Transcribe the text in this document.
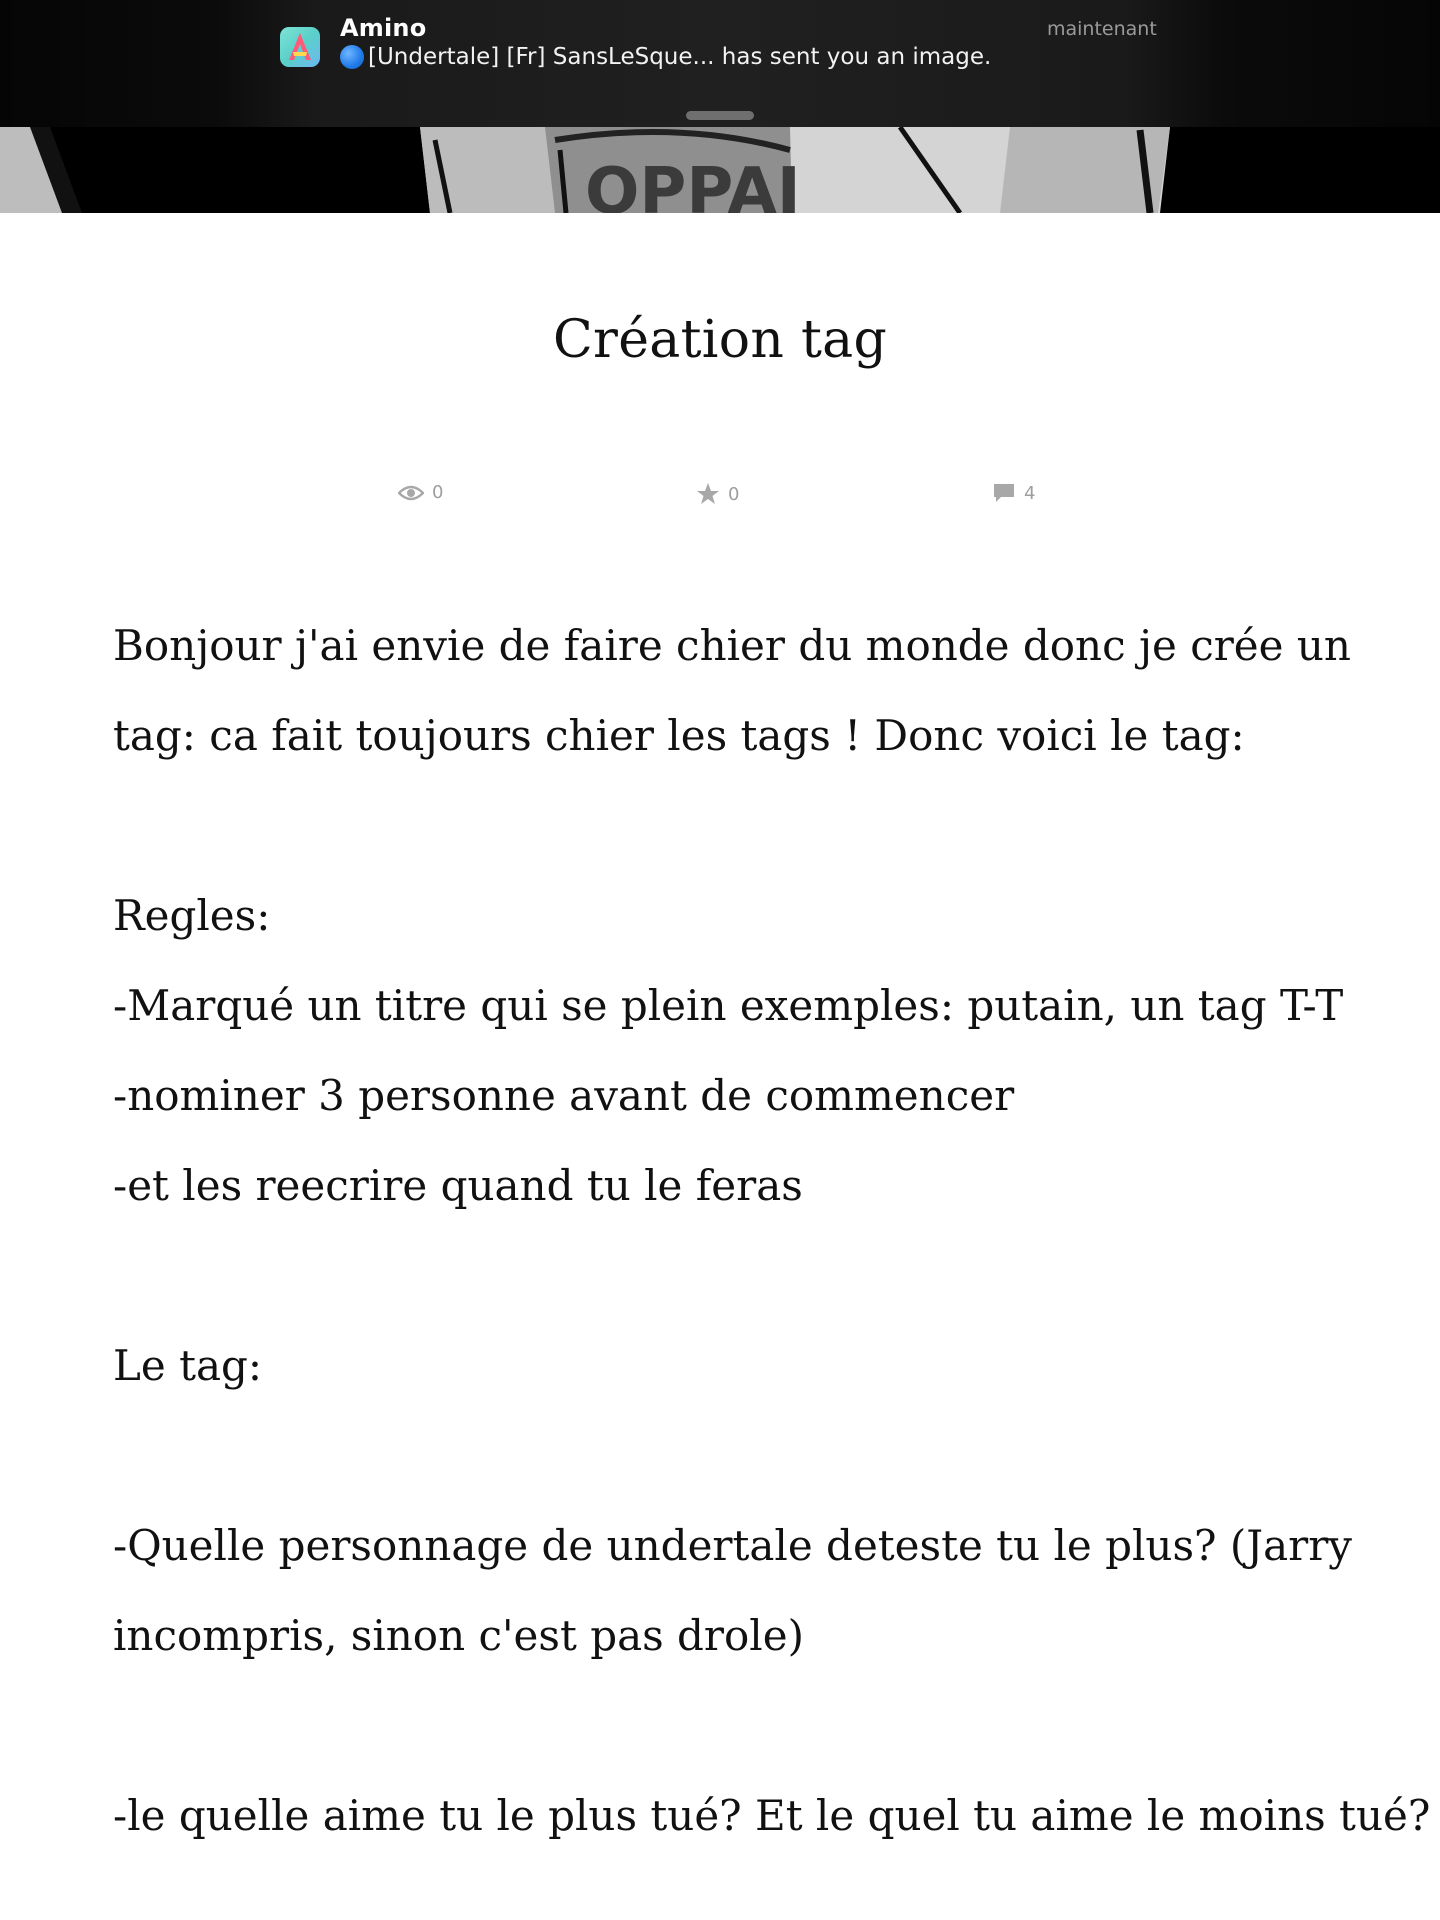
OPPAI
Amino
[Undertale] [Fr] SansLeSque... has sent you an image.
maintenant
Création tag
0	0	4

Bonjour j'ai envie de faire chier du monde donc je crée un

tag: ca fait toujours chier les tags ! Donc voici le tag:

Regles:

-Marqué un titre qui se plein exemples: putain, un tag T-T

-nominer 3 personne avant de commencer

-et les reecrire quand tu le feras

Le tag:

-Quelle personnage de undertale deteste tu le plus? (Jarry

incompris, sinon c'est pas drole)

-le quelle aime tu le plus tué? Et le quel tu aime le moins tué?
